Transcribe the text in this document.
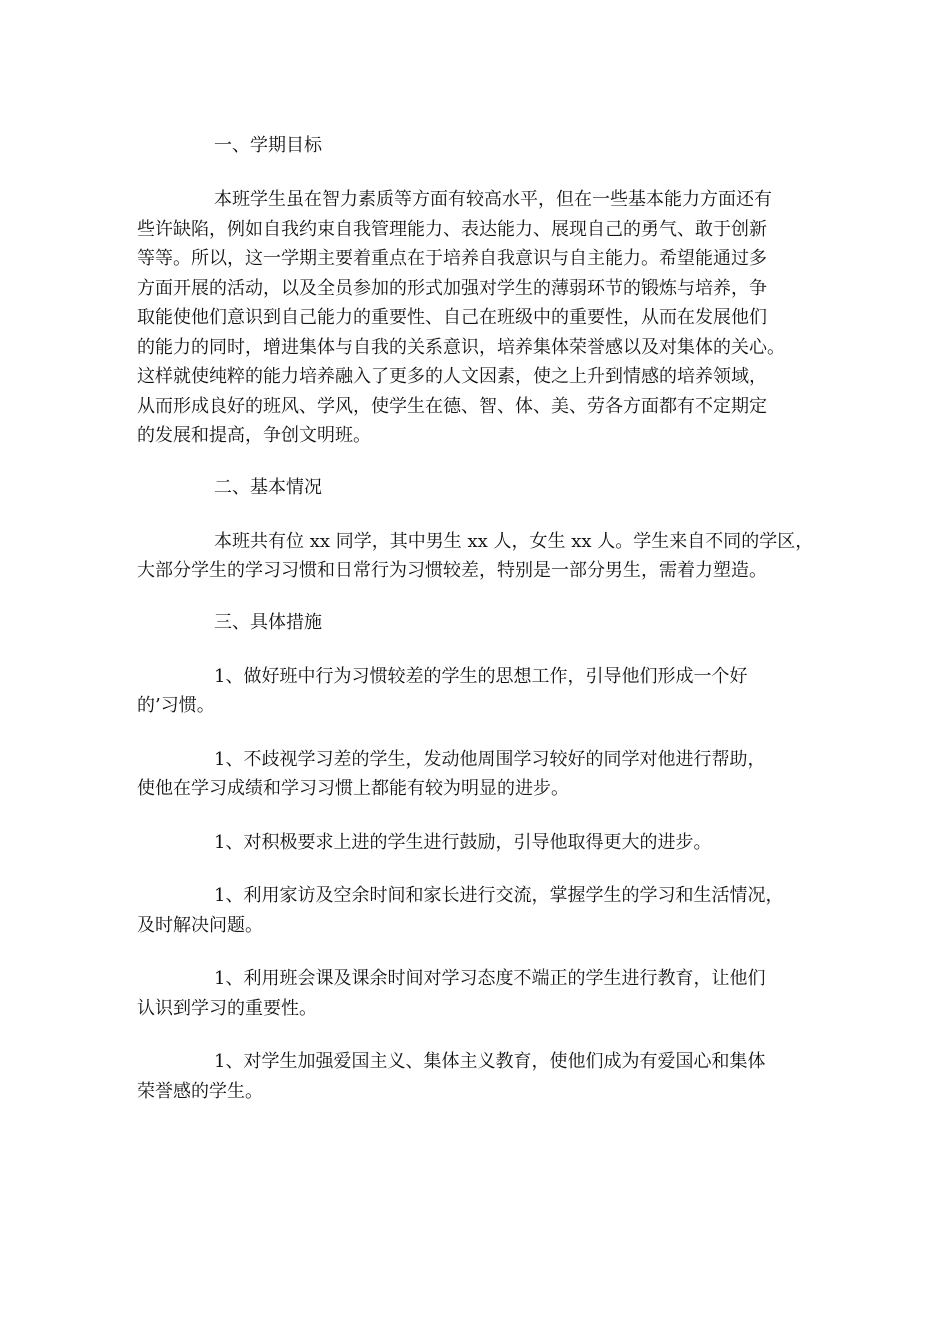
一、学期目标
本班学生虽在智力素质等方面有较高水平，但在一些基本能力方面还有
些许缺陷，例如自我约束自我管理能力、表达能力、展现自己的勇气、敢于创新
等等。所以，这一学期主要着重点在于培养自我意识与自主能力。希望能通过多
方面开展的活动，以及全员参加的形式加强对学生的薄弱环节的锻炼与培养，争
取能使他们意识到自己能力的重要性、自己在班级中的重要性，从而在发展他们
的能力的同时，增进集体与自我的关系意识，培养集体荣誉感以及对集体的关心。
这样就使纯粹的能力培养融入了更多的人文因素，使之上升到情感的培养领域，
从而形成良好的班风、学风，使学生在德、智、体、美、劳各方面都有不定期定
的发展和提高，争创文明班。
二、基本情况
本班共有位 xx 同学，其中男生 xx 人，女生 xx 人。学生来自不同的学区，
大部分学生的学习习惯和日常行为习惯较差，特别是一部分男生，需着力塑造。
三、具体措施
1、做好班中行为习惯较差的学生的思想工作，引导他们形成一个好
的’习惯。
1、不歧视学习差的学生，发动他周围学习较好的同学对他进行帮助，
使他在学习成绩和学习习惯上都能有较为明显的进步。
1、对积极要求上进的学生进行鼓励，引导他取得更大的进步。
1、利用家访及空余时间和家长进行交流，掌握学生的学习和生活情况，
及时解决问题。
1、利用班会课及课余时间对学习态度不端正的学生进行教育，让他们
认识到学习的重要性。
1、对学生加强爱国主义、集体主义教育，使他们成为有爱国心和集体
荣誉感的学生。
